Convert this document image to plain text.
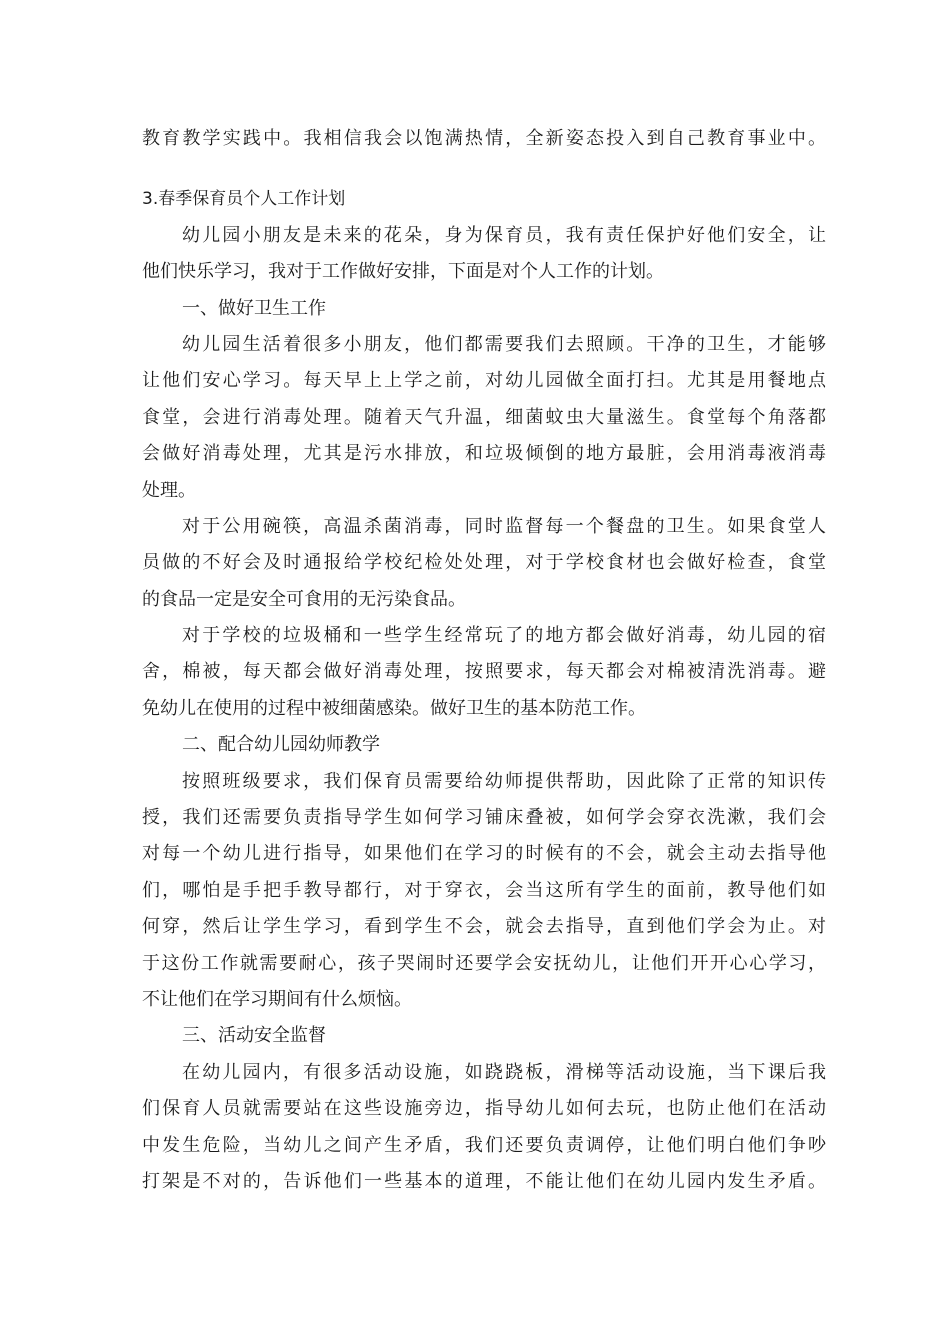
教育教学实践中。我相信我会以饱满热情，全新姿态投入到自己教育事业中。
3.春季保育员个人工作计划
幼儿园小朋友是未来的花朵，身为保育员，我有责任保护好他们安全，让
他们快乐学习，我对于工作做好安排，下面是对个人工作的计划。
一、做好卫生工作
幼儿园生活着很多小朋友，他们都需要我们去照顾。干净的卫生，才能够
让他们安心学习。每天早上上学之前，对幼儿园做全面打扫。尤其是用餐地点
食堂，会进行消毒处理。随着天气升温，细菌蚊虫大量滋生。食堂每个角落都
会做好消毒处理，尤其是污水排放，和垃圾倾倒的地方最脏，会用消毒液消毒
处理。
对于公用碗筷，高温杀菌消毒，同时监督每一个餐盘的卫生。如果食堂人
员做的不好会及时通报给学校纪检处处理，对于学校食材也会做好检查，食堂
的食品一定是安全可食用的无污染食品。
对于学校的垃圾桶和一些学生经常玩了的地方都会做好消毒，幼儿园的宿
舍，棉被，每天都会做好消毒处理，按照要求，每天都会对棉被清洗消毒。避
免幼儿在使用的过程中被细菌感染。做好卫生的基本防范工作。
二、配合幼儿园幼师教学
按照班级要求，我们保育员需要给幼师提供帮助，因此除了正常的知识传
授，我们还需要负责指导学生如何学习铺床叠被，如何学会穿衣洗漱，我们会
对每一个幼儿进行指导，如果他们在学习的时候有的不会，就会主动去指导他
们，哪怕是手把手教导都行，对于穿衣，会当这所有学生的面前，教导他们如
何穿，然后让学生学习，看到学生不会，就会去指导，直到他们学会为止。对
于这份工作就需要耐心，孩子哭闹时还要学会安抚幼儿，让他们开开心心学习，
不让他们在学习期间有什么烦恼。
三、活动安全监督
在幼儿园内，有很多活动设施，如跷跷板，滑梯等活动设施，当下课后我
们保育人员就需要站在这些设施旁边，指导幼儿如何去玩，也防止他们在活动
中发生危险，当幼儿之间产生矛盾，我们还要负责调停，让他们明白他们争吵
打架是不对的，告诉他们一些基本的道理，不能让他们在幼儿园内发生矛盾。
